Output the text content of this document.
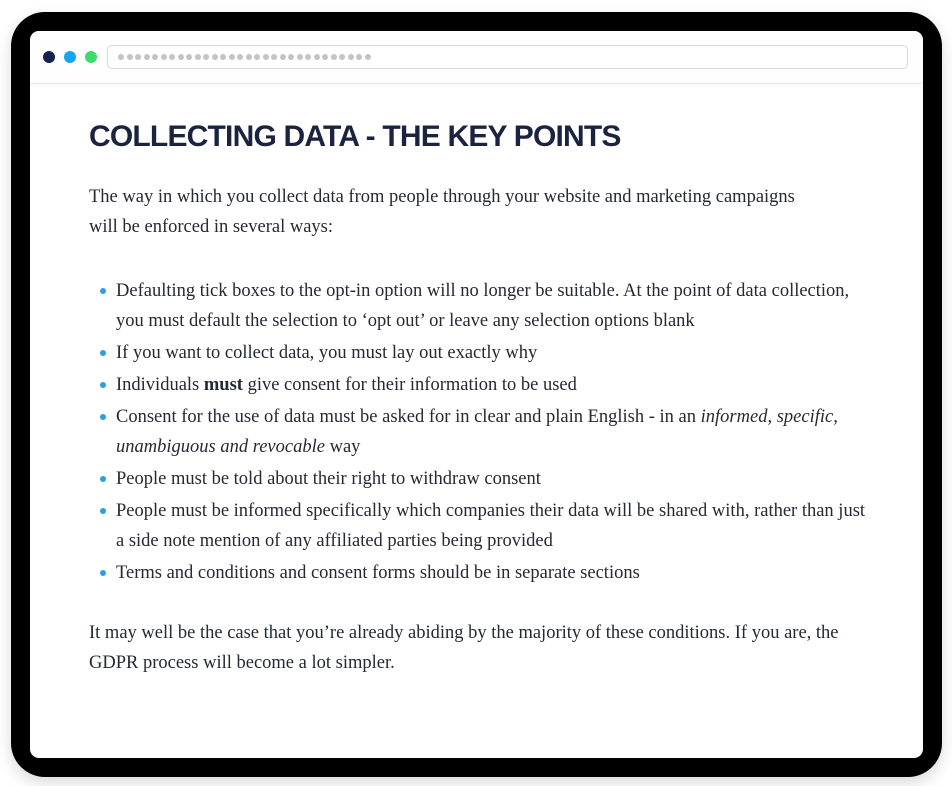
COLLECTING DATA - THE KEY POINTS

The way in which you collect data from people through your website and marketing campaigns will be enforced in several ways:

Defaulting tick boxes to the opt-in option will no longer be suitable. At the point of data collection, you must default the selection to ‘opt out’ or leave any selection options blank

If you want to collect data, you must lay out exactly why

Individuals must give consent for their information to be used

Consent for the use of data must be asked for in clear and plain English - in an informed, specific, unambiguous and revocable way

People must be told about their right to withdraw consent

People must be informed specifically which companies their data will be shared with, rather than just a side note mention of any affiliated parties being provided

Terms and conditions and consent forms should be in separate sections

It may well be the case that you’re already abiding by the majority of these conditions. If you are, the GDPR process will become a lot simpler.
